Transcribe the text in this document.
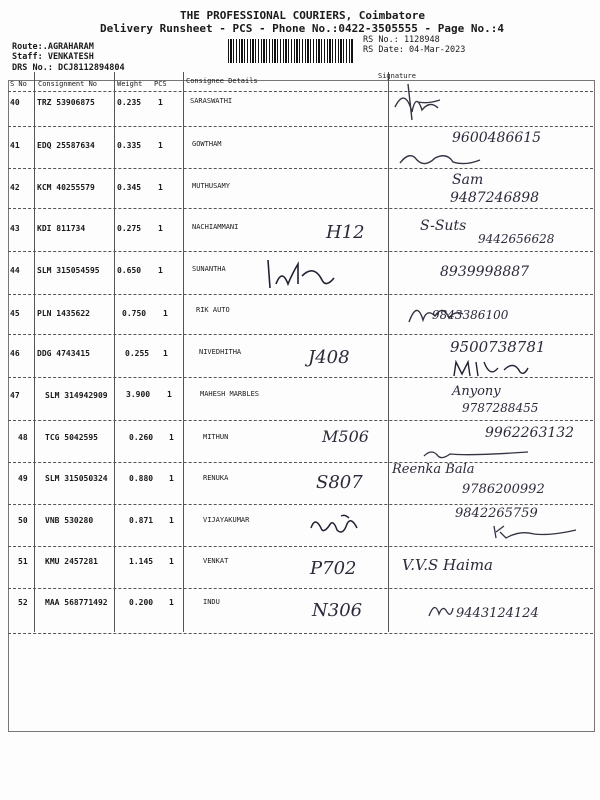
THE PROFESSIONAL COURIERS, Coimbatore
Delivery Runsheet - PCS - Phone No.:0422-3505555 - Page No.:4
Route:.AGRAHARAM
Staff: VENKATESH
DRS No.: DCJ8112894804
RS No.: 1128948
RS Date: 04-Mar-2023
S No Consignment No	Weight PCS	Consignee Details
Signature
40 TRZ 53906875	0.235 1	SARASWATHI
41 EDQ 25587634	0.335 1	GOWTHAM	9600486615
42 KCM 40255579	0.345 1	MUTHUSAMY	Sam
9487246898
43 KDI 811734	0.275 1	NACHIAMMANI	H12	S-Suts
9442656628
44 SLM 315054595 0.650 1	SUNANTHA	8939998887
45 PLN 1435622	0.750 1	RIK AUTO	9843386100
46 DDG 4743415	0.255 1	NIVEDHITHA	J408	9500738781
47	SLM 314942909 3.900 1	MAHESH MARBLES	Anyony
9787288455
48 TCG 5042595	0.260 1	MITHUN	M506	9962263132
49 SLM 315050324	0.880 1	RENUKA	S807
Reenka Bala
9786200992
50 VNB 530280	0.871 1	VIJAYAKUMAR	9842265759
51 KMU 2457281	1.145 1	VENKAT	P702	V.V.S Haima
52 MAA 568771492	0.200 1	INDU	N306	9443124124
